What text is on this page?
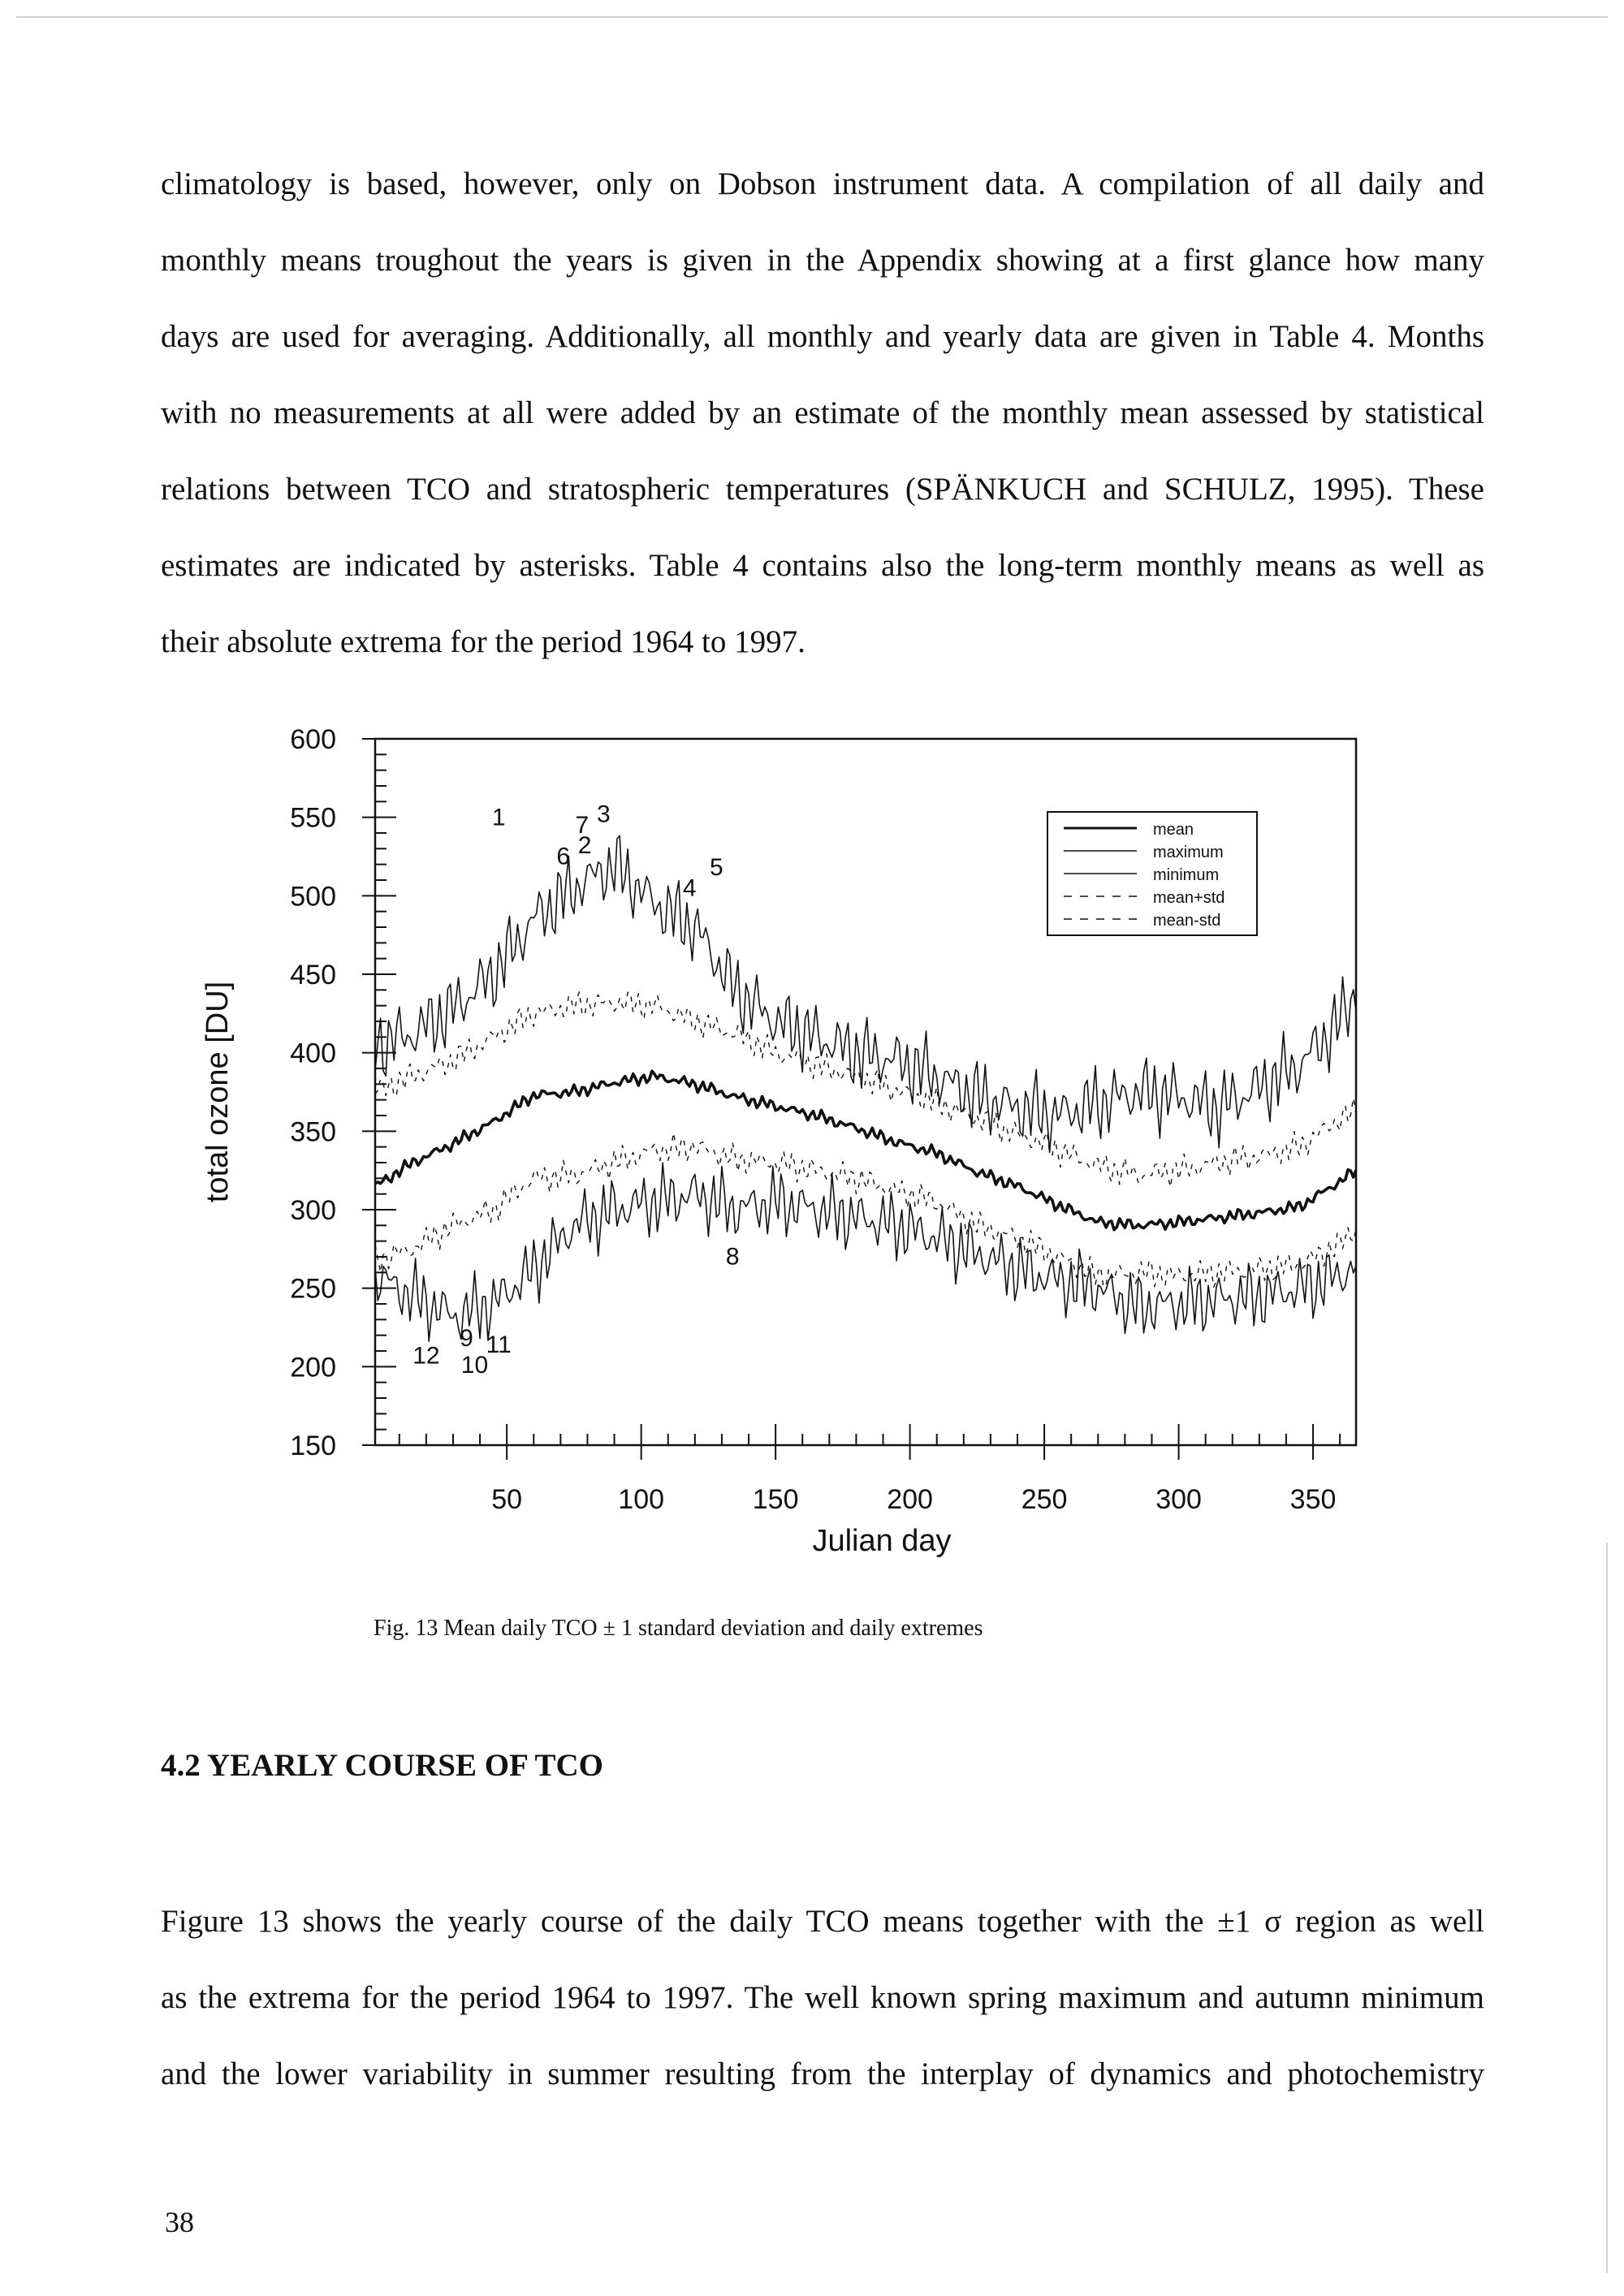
climatology is based, however, only on Dobson instrument data. A compilation of all daily and
monthly means troughout the years is given in the Appendix showing at a first glance how many
days are used for averaging. Additionally, all monthly and yearly data are given in Table 4. Months
with no measurements at all were added by an estimate of the monthly mean assessed by statistical
relations between TCO and stratospheric temperatures (SPÄNKUCH and SCHULZ, 1995). These
estimates are indicated by asterisks. Table 4 contains also the long-term monthly means as well as
their absolute extrema for the period 1964 to 1997.

150
200
250
300
350
400
450
500
550
600
50	100	150	200	250	300	350
Julian day
total ozone [DU]
1	7 3
6 2
5
4
8
9
12 10
11
mean
maximum
minimum
mean+std
mean-std
Fig. 13 Mean daily TCO ± 1 standard deviation and daily extremes
4.2 YEARLY COURSE OF TCO

Figure 13 shows the yearly course of the daily TCO means together with the ±1 σ region as well
as the extrema for the period 1964 to 1997. The well known spring maximum and autumn minimum
and the lower variability in summer resulting from the interplay of dynamics and photochemistry

38
